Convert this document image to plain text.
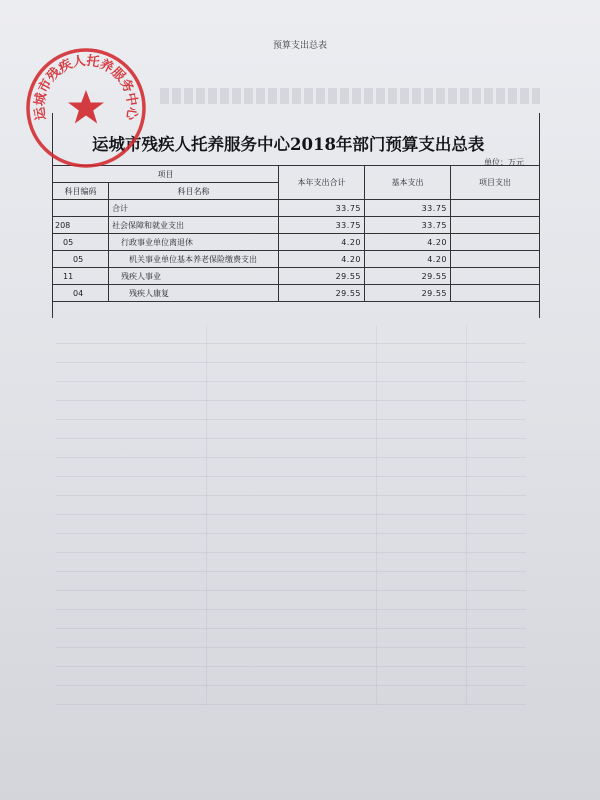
预算支出总表
运城市残疾人托养服务中心2018年部门预算支出总表
单位：万元
项目		本年支出合计	基本支出	项目支出
科目编码	科目名称			
	合计	33.75	33.75	
208	社会保障和就业支出	33.75	33.75	
05	行政事业单位离退休	4.20	4.20	
05	机关事业单位基本养老保险缴费支出	4.20	4.20	
11	残疾人事业	29.55	29.55	
04	残疾人康复	29.55	29.55	
运城市残疾人托养服务中心
